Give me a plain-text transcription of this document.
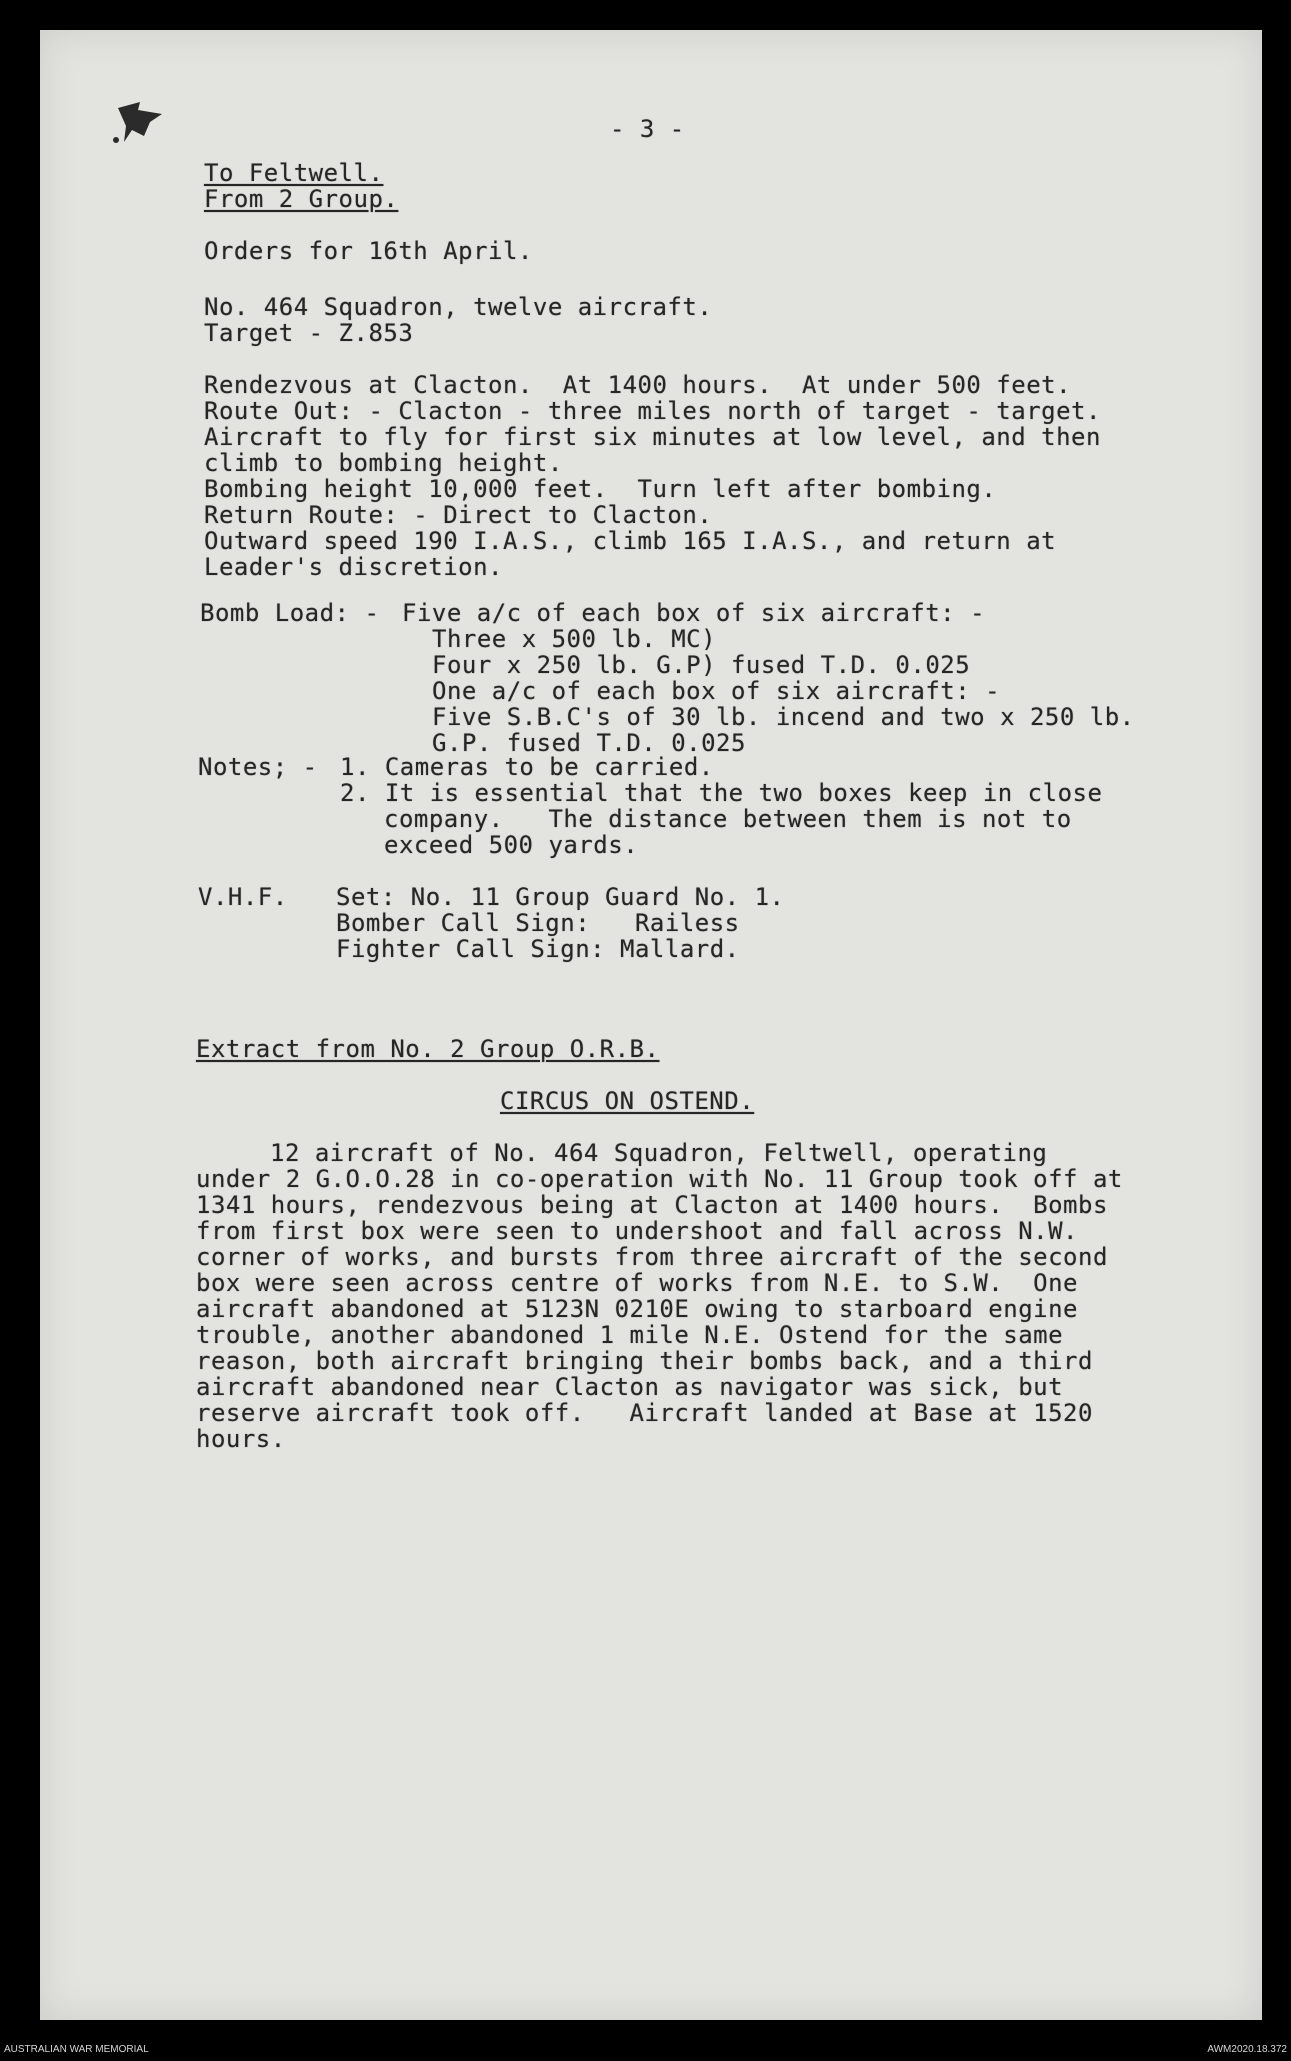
- 3 -
To Feltwell.
From 2 Group.
Orders for 16th April.
No. 464 Squadron, twelve aircraft.
Target - Z.853
Rendezvous at Clacton.  At 1400 hours.  At under 500 feet.
Route Out: - Clacton - three miles north of target - target.
Aircraft to fly for first six minutes at low level, and then
climb to bombing height.
Bombing height 10,000 feet.  Turn left after bombing.
Return Route: - Direct to Clacton.
Outward speed 190 I.A.S., climb 165 I.A.S., and return at
Leader's discretion.
Bomb Load: - Five a/c of each box of six aircraft: -
Three x 500 lb. MC)
Four x 250 lb. G.P) fused T.D. 0.025
One a/c of each box of six aircraft: -
Five S.B.C's of 30 lb. incend and two x 250 lb.
G.P. fused T.D. 0.025
Notes; - 1. Cameras to be carried.
2. It is essential that the two boxes keep in close
company.   The distance between them is not to
exceed 500 yards.
V.H.F. Set: No. 11 Group Guard No. 1.
Bomber Call Sign:   Railess
Fighter Call Sign: Mallard.
Extract from No. 2 Group O.R.B.
CIRCUS ON OSTEND.
12 aircraft of No. 464 Squadron, Feltwell, operating
under 2 G.O.O.28 in co-operation with No. 11 Group took off at
1341 hours, rendezvous being at Clacton at 1400 hours.  Bombs
from first box were seen to undershoot and fall across N.W.
corner of works, and bursts from three aircraft of the second
box were seen across centre of works from N.E. to S.W.  One
aircraft abandoned at 5123N 0210E owing to starboard engine
trouble, another abandoned 1 mile N.E. Ostend for the same
reason, both aircraft bringing their bombs back, and a third
aircraft abandoned near Clacton as navigator was sick, but
reserve aircraft took off.   Aircraft landed at Base at 1520
hours.
AUSTRALIAN WAR MEMORIAL	AWM2020.18.372
